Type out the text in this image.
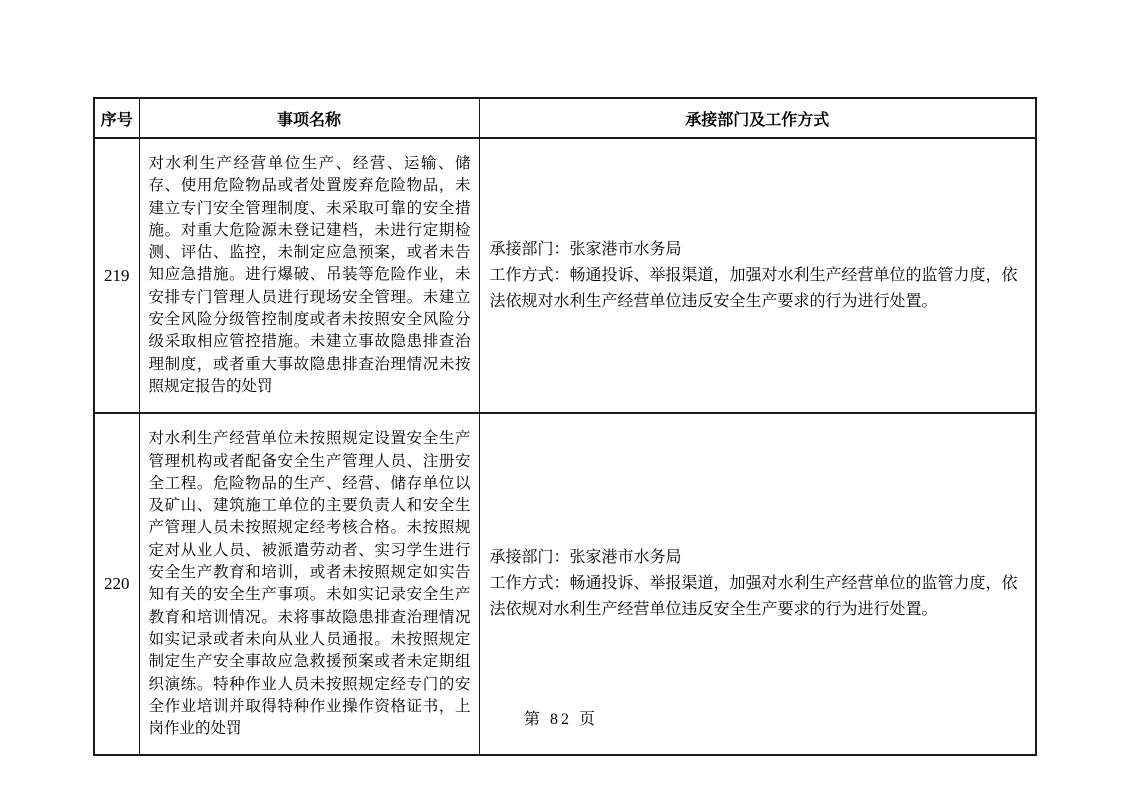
序号	事项名称	承接部门及工作方式
219	对水利生产经营单位生产、经营、运输、储存、使用危险物品或者处置废弃危险物品，未建立专门安全管理制度、未采取可靠的安全措施。对重大危险源未登记建档，未进行定期检测、评估、监控，未制定应急预案，或者未告知应急措施。进行爆破、吊装等危险作业，未安排专门管理人员进行现场安全管理。未建立安全风险分级管控制度或者未按照安全风险分级采取相应管控措施。未建立事故隐患排查治理制度，或者重大事故隐患排查治理情况未按照规定报告的处罚	承接部门：张家港市水务局
工作方式：畅通投诉、举报渠道，加强对水利生产经营单位的监管力度，依法依规对水利生产经营单位违反安全生产要求的行为进行处置。

220	对水利生产经营单位未按照规定设置安全生产管理机构或者配备安全生产管理人员、注册安全工程。危险物品的生产、经营、储存单位以及矿山、建筑施工单位的主要负责人和安全生产管理人员未按照规定经考核合格。未按照规定对从业人员、被派遣劳动者、实习学生进行安全生产教育和培训，或者未按照规定如实告知有关的安全生产事项。未如实记录安全生产教育和培训情况。未将事故隐患排查治理情况如实记录或者未向从业人员通报。未按照规定制定生产安全事故应急救援预案或者未定期组织演练。特种作业人员未按照规定经专门的安全作业培训并取得特种作业操作资格证书，上岗作业的处罚	承接部门：张家港市水务局
工作方式：畅通投诉、举报渠道，加强对水利生产经营单位的监管力度，依法依规对水利生产经营单位违反安全生产要求的行为进行处置。
第 82 页
